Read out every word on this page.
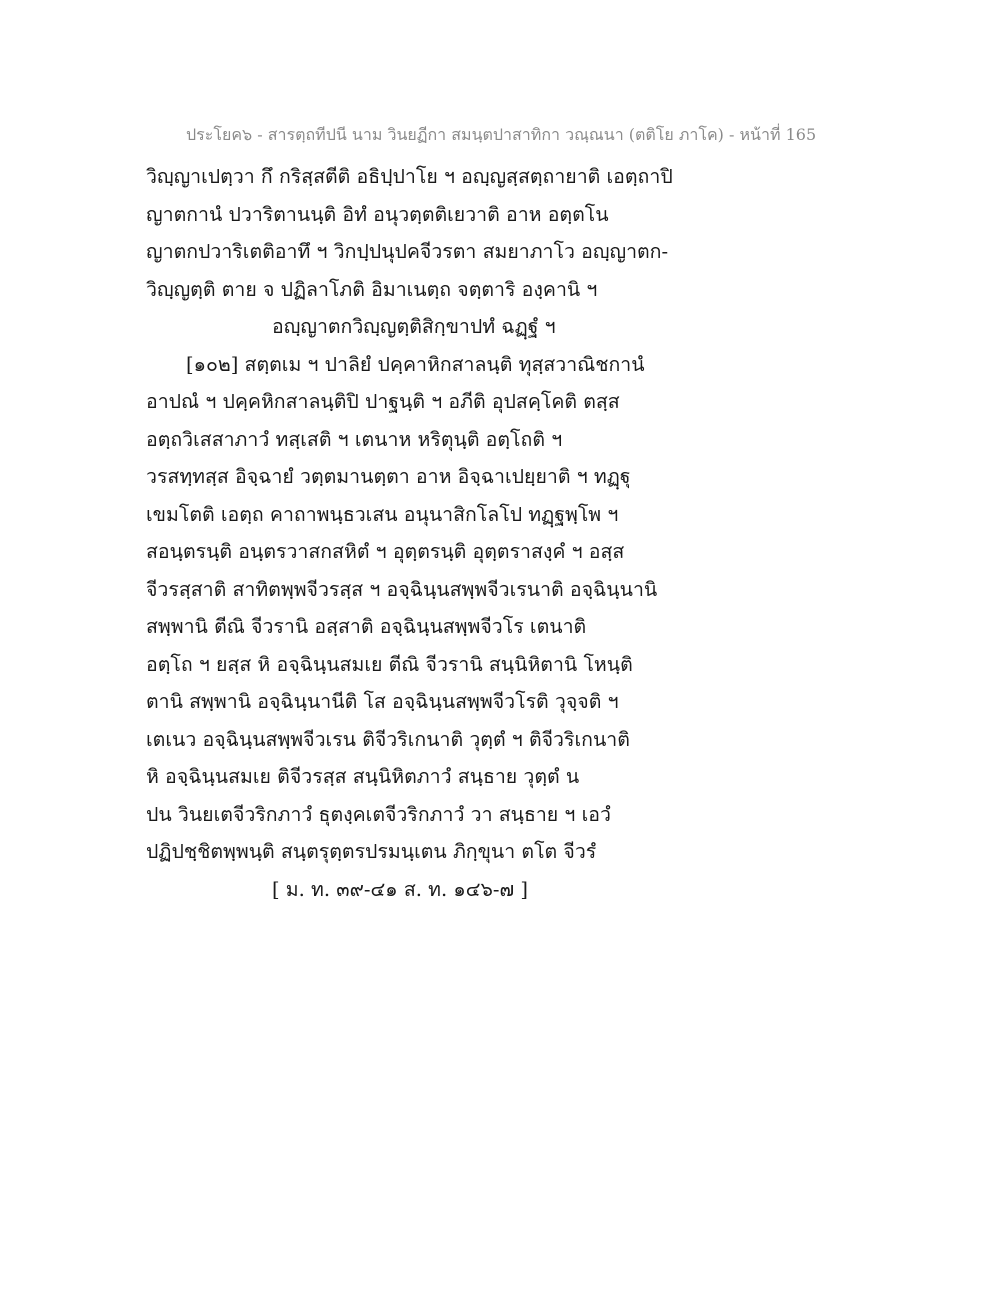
ประโยค๖ - สารตฺถทีปนี นาม วินยฏีกา สมนฺตปาสาทิกา วณฺณนา (ตติโย ภาโค) - หน้าที่ 165
วิญฺญาเปตฺวา กึ กริสฺสตีติ อธิปฺปาโย ฯ อญฺญสฺสตฺถายาติ เอตฺถาปิ
ญาตกานํ ปวาริตานนฺติ อิทํ อนุวตฺตติเยวาติ อาห อตฺตโน
ญาตกปวาริเตติอาทึ ฯ วิกปฺปนุปคจีวรตา สมยาภาโว อญฺญาตก-
วิญฺญตฺติ ตาย จ ปฏิลาโภติ อิมาเนตฺถ จตฺตาริ องฺคานิ ฯ
อญฺญาตกวิญฺญตฺติสิกฺขาปทํ ฉฏฺฐํ ฯ
[๑๐๒] สตฺตเม ฯ ปาลิยํ ปคฺคาหิกสาลนฺติ ทุสฺสวาณิชกานํ
อาปณํ ฯ ปคฺคหิกสาลนฺติปิ ปาฐนฺติ ฯ อภีติ อุปสคฺโคติ ตสฺส
อตฺถวิเสสาภาวํ ทสฺเสติ ฯ เตนาห หริตุนฺติ อตฺโถติ ฯ
วรสทฺทสฺส อิจฺฉายํ วตฺตมานตฺตา อาห อิจฺฉาเปยฺยาติ ฯ ทฏฺฐุ
เขมโตติ เอตฺถ คาถาพนฺธวเสน อนุนาสิกโลโป ทฏฺฐพฺโพ ฯ
สอนฺตรนฺติ อนฺตรวาสกสหิตํ ฯ อุตฺตรนฺติ อุตฺตราสงฺคํ ฯ อสฺส
จีวรสฺสาติ สาทิตพฺพจีวรสฺส ฯ อจฺฉินฺนสพฺพจีวเรนาติ อจฺฉินฺนานิ
สพฺพานิ ตีณิ จีวรานิ อสฺสาติ อจฺฉินฺนสพฺพจีวโร เตนาติ
อตฺโถ ฯ ยสฺส หิ อจฺฉินฺนสมเย ตีณิ จีวรานิ สนฺนิหิตานิ โหนฺติ
ตานิ สพฺพานิ อจฺฉินฺนานีติ โส อจฺฉินฺนสพฺพจีวโรติ วุจฺจติ ฯ
เตเนว อจฺฉินฺนสพฺพจีวเรน ติจีวริเกนาติ วุตฺตํ ฯ ติจีวริเกนาติ
หิ อจฺฉินฺนสมเย ติจีวรสฺส สนฺนิหิตภาวํ สนฺธาย วุตฺตํ น
ปน วินยเตจีวริกภาวํ ธุตงฺคเตจีวริกภาวํ วา สนฺธาย ฯ เอวํ
ปฏิปชฺชิตพฺพนฺติ สนฺตรุตฺตรปรมนฺเตน ภิกฺขุนา ตโต จีวรํ
[ ม. ท. ๓๙-๔๑ ส. ท. ๑๔๖-๗ ]
